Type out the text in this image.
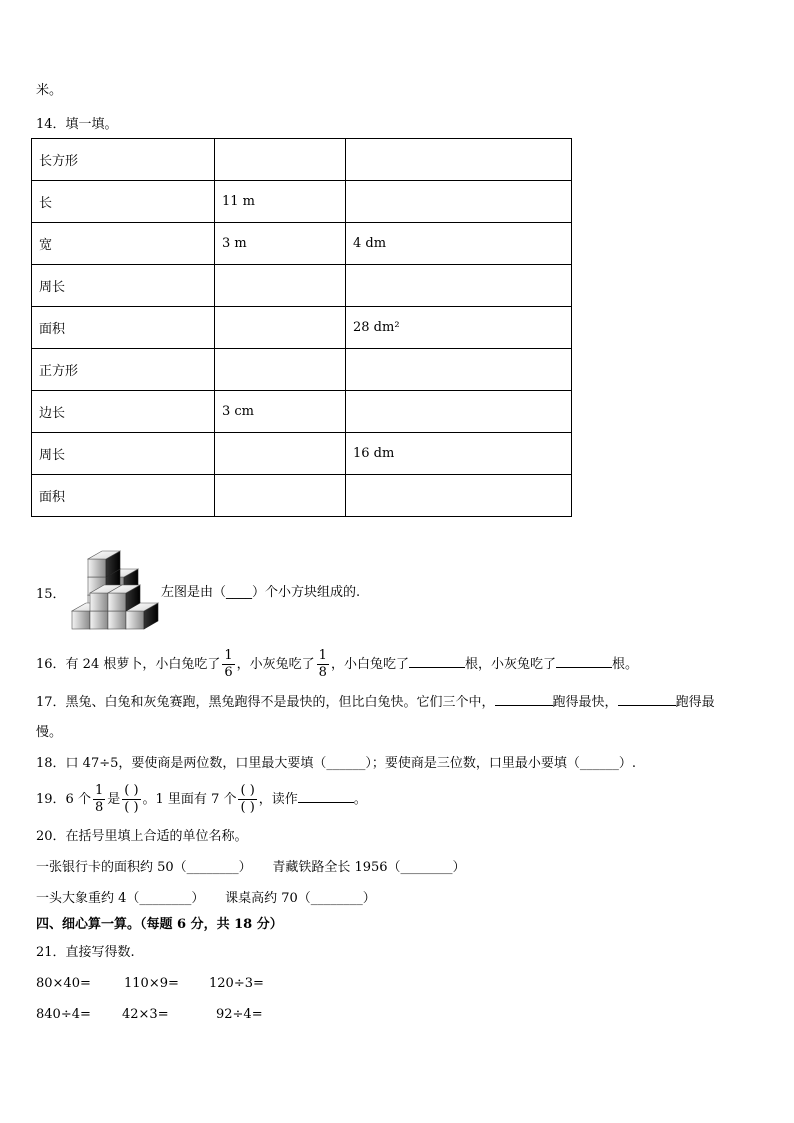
米。
14．填一填。
长方形		
长	11 m	
宽	3 m	4 dm
周长		
面积		28 dm²
正方形		
边长	3 cm	
周长		16 dm
面积		
15．	左图是由（____）个小方块组成的.
16．有 24 根萝卜，小白兔吃了 $\frac{1}{6}$ ，小灰兔吃了 $\frac{1}{8}$ ，小白兔吃了	根，小灰兔吃了	根。
17．黑兔、白兔和灰兔赛跑，黑兔跑得不是最快的，但比白兔快。它们三个中，	跑得最快，	跑得最
慢。
18．口 47÷5，要使商是两位数，口里最大要填（______）；要使商是三位数，口里最小要填（______）.
19．6 个 $\frac{1}{8}$ 是 $\frac{( )}{( )}$ 。1 里面有 7 个 $\frac{( )}{( )}$ ，读作	。
20．在括号里填上合适的单位名称。
一张银行卡的面积约 50（________）     青藏铁路全长 1956（________）
一头大象重约 4（________）     课桌高约 70（________）
四、细心算一算。（每题 6 分，共 18 分）
21．直接写得数.
80×40=	110×9= 120÷3=
840÷4= 42×3=	92÷4=
